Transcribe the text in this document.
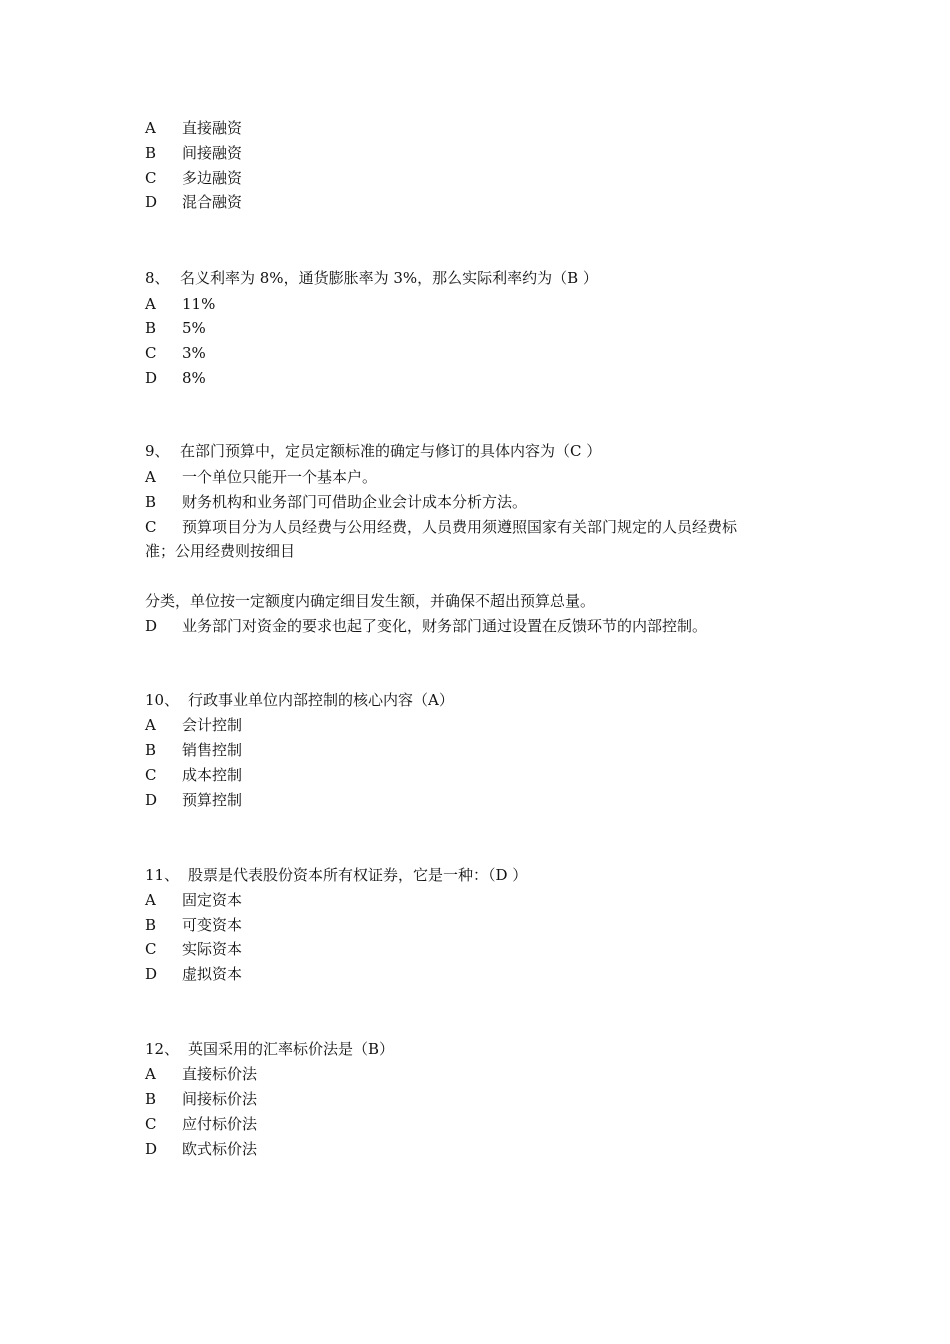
A 直接融资
B 间接融资
C 多边融资
D 混合融资
8、 名义利率为 8%，通货膨胀率为 3%，那么实际利率约为（B ）
A 11%
B 5%
C 3%
D 8%
9、 在部门预算中，定员定额标准的确定与修订的具体内容为（C ）
A 一个单位只能开一个基本户。
B 财务机构和业务部门可借助企业会计成本分析方法。
C 预算项目分为人员经费与公用经费，人员费用须遵照国家有关部门规定的人员经费标
准；公用经费则按细目
分类，单位按一定额度内确定细目发生额，并确保不超出预算总量。
D 业务部门对资金的要求也起了变化，财务部门通过设置在反馈环节的内部控制。
10、 行政事业单位内部控制的核心内容（A）
A 会计控制
B 销售控制
C 成本控制
D 预算控制
11、 股票是代表股份资本所有权证券，它是一种：（D ）
A 固定资本
B 可变资本
C 实际资本
D 虚拟资本
12、 英国采用的汇率标价法是（B）
A 直接标价法
B 间接标价法
C 应付标价法
D 欧式标价法
